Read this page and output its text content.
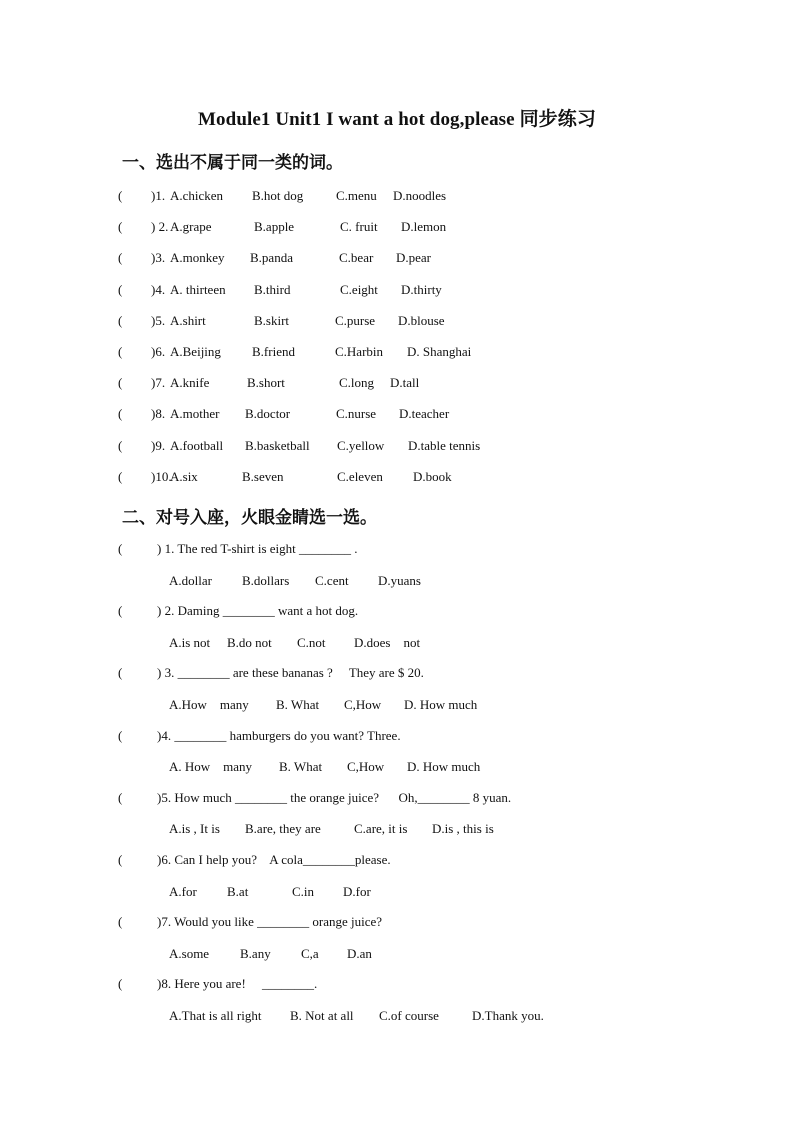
Module1 Unit1 I want a hot dog,please 同步练习
一、选出不属于同一类的词。
( )1. A.chicken B.hot dog	C.menu D.noodles
( ) 2. A.grape	B.apple	C. fruit D.lemon
( )3. A.monkey B.panda	C.bear D.pear
( )4. A. thirteen B.third	C.eight D.thirty
( )5. A.shirt	B.skirt	C.purse D.blouse
( )6. A.Beijing B.friend	C.Harbin D. Shanghai
( )7. A.knife	B.short	C.long D.tall
( )8. A.mother B.doctor	C.nurse D.teacher
( )9. A.football B.basketball C.yellow D.table tennis
( )10.
A.six	B.seven	C.eleven D.book
二、对号入座，火眼金睛选一选。
(	) 1. The red T-shirt is eight ________ .
A.dollar B.dollars C.cent D.yuans
(	) 2. Daming ________ want a hot dog.
A.is not B.do not C.not D.does    not
(	) 3. ________ are these bananas ?     They are $ 20.
A.How    many B. What C,How D. How much
(	)4. ________ hamburgers do you want? Three.
A. How    many B. What C,How D. How much
(	)5. How much ________ the orange juice?      Oh,________ 8 yuan.
A.is , It is B.are, they are	C.are, it is D.is , this is
(	)6. Can I help you?    A cola________please.
A.for B.at	C.in D.for
(	)7. Would you like ________ orange juice?
A.some B.any C,a D.an
(	)8. Here you are!     ________.
A.That is all right B. Not at all C.of course	D.Thank you.
